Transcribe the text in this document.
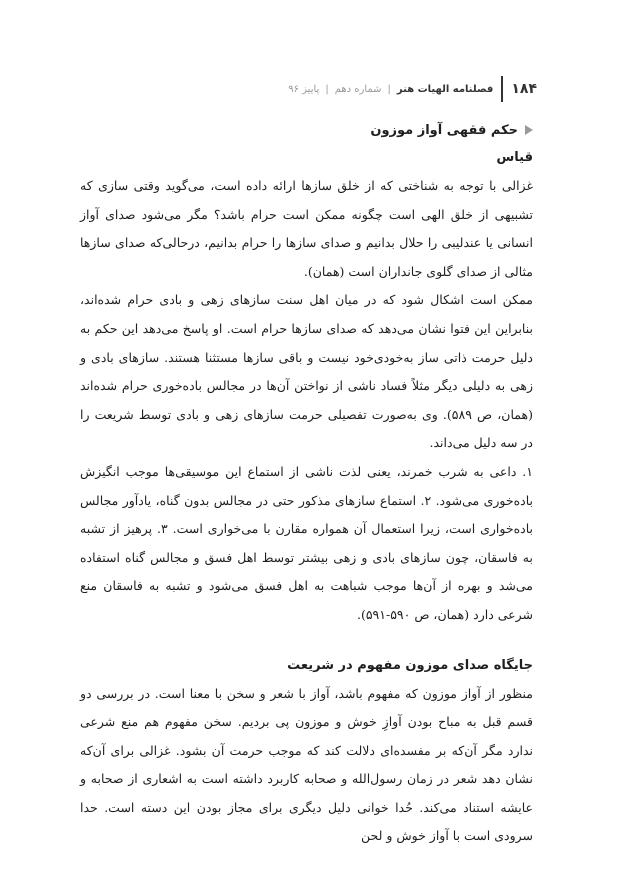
۱۸۴
فصلنامه الهیات هنر
|
شماره دهم
|
پاییز ۹۶
حکم فقهی آواز موزون
قیاس

غزالی با توجه به شناختی که از خلق سازها ارائه داده است، می‌گوید وقتی سازی که تشبیهی از خلق الهی است چگونه ممکن است حرام باشد؟ مگر می‌شود صدای آواز انسانی یا عندلیبی را حلال بدانیم و صدای سازها را حرام بدانیم، درحالی‌که صدای سازها مثالی از صدای گلوی جانداران است (همان).

ممکن است اشکال شود که در میان اهل سنت سازهای زهی و بادی حرام شده‌اند، بنابراین این فتوا نشان می‌دهد که صدای سازها حرام است. او پاسخ می‌دهد این حکم به دلیل حرمت ذاتی ساز به‌خودی‌خود نیست و باقی سازها مستثنا هستند. سازهای بادی و زهی به دلیلی دیگر مثلاً فساد ناشی از نواختن آن‌ها در مجالس باده‌خوری حرام شده‌اند (همان، ص ۵۸۹). وی به‌صورت تفصیلی حرمت سازهای زهی و بادی توسط شریعت را در سه دلیل می‌داند.

۱. داعی به شرب خمرند، یعنی لذت ناشی از استماع این موسیقی‌ها موجب انگیزش باده‌خوری می‌شود. ۲. استماع سازهای مذکور حتی در مجالس بدون گناه، یادآور مجالس باده‌خواری است، زیرا استعمال آن همواره مقارن با می‌خواری است. ۳. پرهیز از تشبه به فاسقان، چون سازهای بادی و زهی بیشتر توسط اهل فسق و مجالس گناه استفاده می‌شد و بهره از آن‌ها موجب شباهت به اهل فسق می‌شود و تشبه به فاسقان منع شرعی دارد (همان، ص ۵۹۰-۵۹۱).

جایگاه صدای موزون مفهوم در شریعت

منظور از آواز موزون که مفهوم باشد، آواز با شعر و سخن با معنا است. در بررسی دو قسم قبل به مباح بودن آوازِ خوش و موزون پی بردیم. سخن مفهوم هم منع شرعی ندارد مگر آن‌که بر مفسده‌ای دلالت کند که موجب حرمت آن بشود. غزالی برای آن‌که نشان دهد شعر در زمان رسول‌الله و صحابه کاربرد داشته است به اشعاری از صحابه و عایشه استناد می‌کند. حُدا خوانی دلیل دیگری برای مجاز بودن این دسته است. حدا سرودی است با آواز خوش و لحن
